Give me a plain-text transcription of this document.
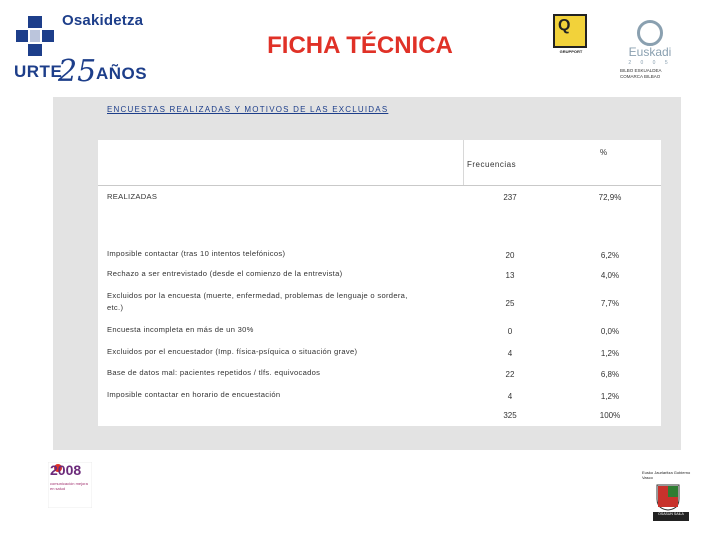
Osakidetza
URTE
25 AÑOS
FICHA TÉCNICA
Q
GRUPPORT	Euskadi
2 0 0 5
BILBO ESKUALDEA COMARCA BILBAO
ENCUESTAS REALIZADAS Y MOTIVOS DE LAS EXCLUIDAS
%
Frecuencias
REALIZADAS	237	72,9%
Imposible contactar (tras 10 intentos telefónicos)	20	6,2%
Rechazo a ser entrevistado (desde el comienzo de la entrevista)	13	4,0%
Excluidos por la encuesta (muerte, enfermedad, problemas de lenguaje o sordera, etc.)	25	7,7%
Encuesta incompleta en más de un 30%	0	0,0%
Excluidos por el encuestador (Imp. física-psíquica o situación grave)	4	1,2%
Base de datos mal: pacientes repetidos / tlfs. equivocados	22	6,8%
Imposible contactar en horario de encuestación	4	1,2%
325	100%
2008
comunicación mejora en salud
Eusko Jaurlaritza Gobierno Vasco
OSASUN SAILA
